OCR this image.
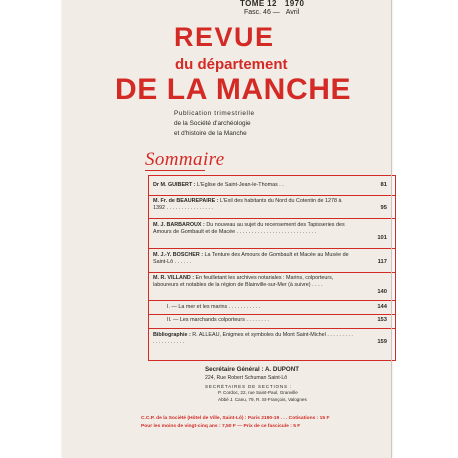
TOME 12 1970
Fasc. 46 — Avril
REVUE
du département
DE LA MANCHE
Publication trimestrielle
de la Société d'archéologie
et d'histoire de la Manche
Sommaire
Dr M. GUIBERT : L'Eglise de Saint-Jean-le-Thomas . .	81
M. Fr. de BEAUREPAIRE : L'Exil des habitants du Nord du Cotentin de 1278 à 1392 . . . . . . . . . . . . . . . .	95
M. J. BARBAROUX : Du nouveau au sujet du recensement des Tapisseries des Amours de Gombault et de Macée . . . . . . . . . . . . . . . . . . . . . . . . . . .
101
M. J.-Y. BOSCHER : La Tenture des Amours de Gombault et Macée au Musée de Saint-Lô . . . . . .	117
M. R. VILLAND : En feuilletant les archives notariales : Marins, colporteurs, laboureurs et notables de la région de Blainville-sur-Mer (à suivre) . . . .
140
I. — La mer et les marins . . . . . . . . . . .	144
II. — Les marchands colporteurs . . . . . . . .	153
Bibliographie : R. ALLEAU, Enigmes et symboles du Mont Saint-Michel . . . . . . . . . . . . . . . . . . . .	159
Secrétaire Général : A. DUPONT
224, Rue Robert Schuman Saint-Lô
SECRÉTAIRES DE SECTIONS :
P. Cordoc, 22, rue Saint-Paul, Granville
Abbé J. Canu, 79, R. St-François, Valognes
C.C.P. de la Société (Hôtel de Ville, Saint-Lô) : Paris 2190-19 . . . Cotisations : 15 F
Pour les moins de vingt-cinq ans : 7,50 F — Prix de ce fascicule : 5 F
